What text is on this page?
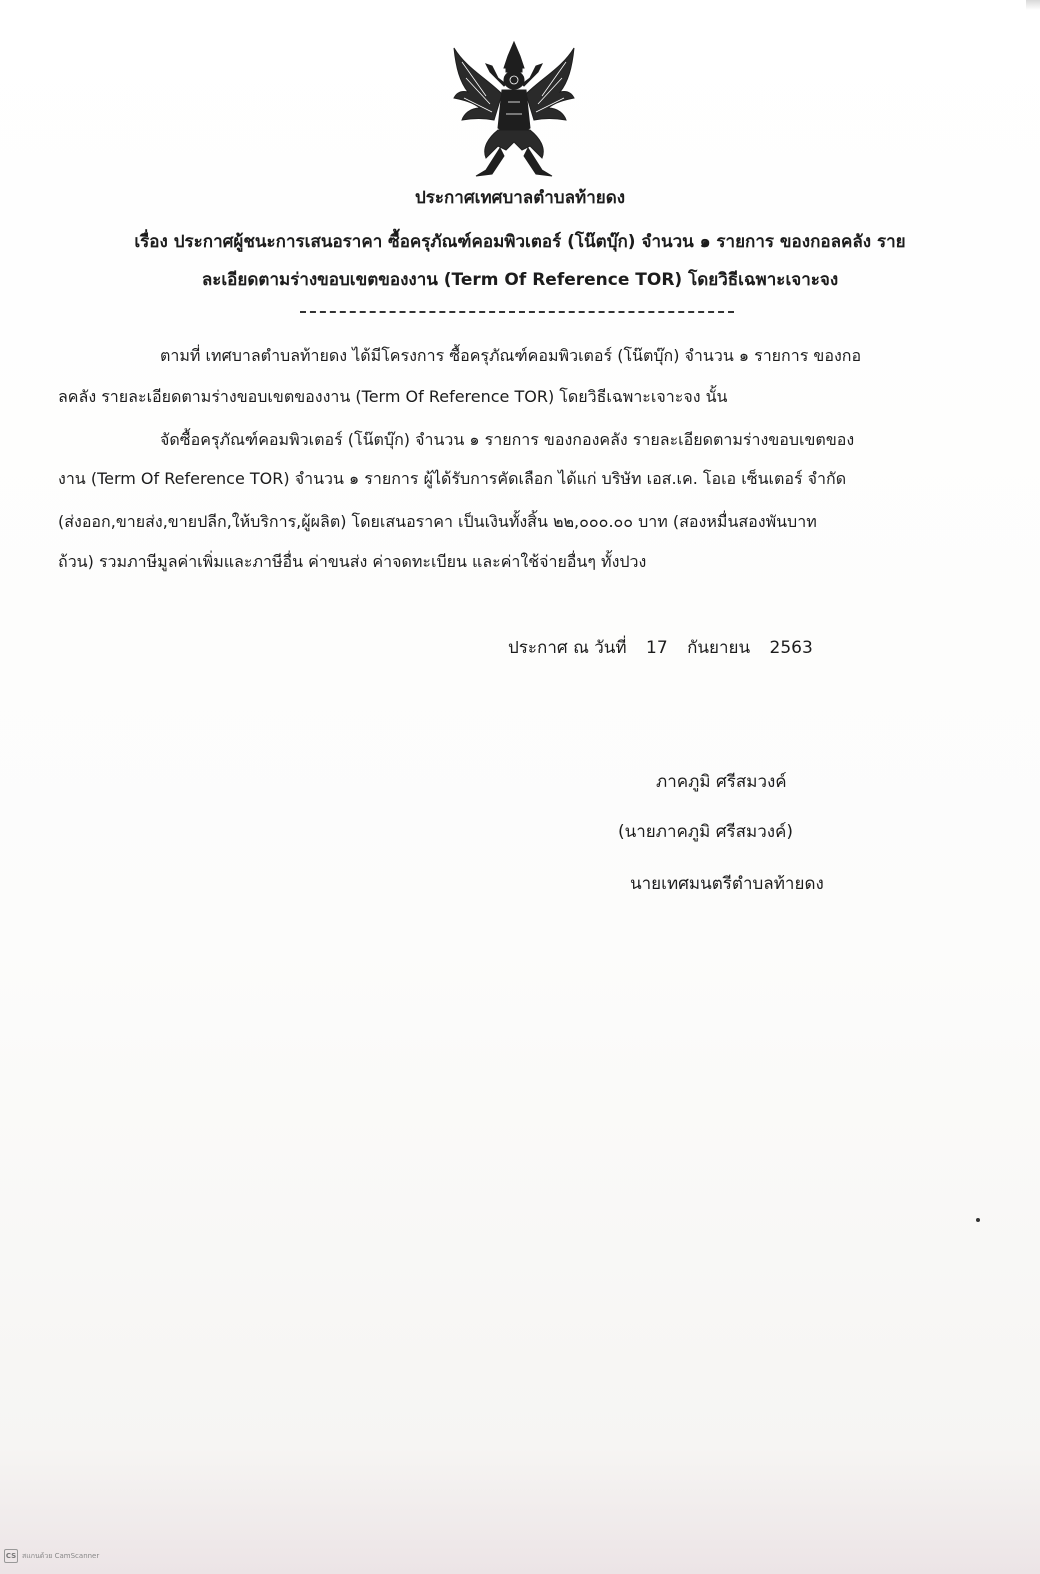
ประกาศเทศบาลตำบลท้ายดง
เรื่อง ประกาศผู้ชนะการเสนอราคา ซื้อครุภัณฑ์คอมพิวเตอร์ (โน๊ตบุ๊ก) จำนวน ๑ รายการ ของกอลคลัง ราย
ละเอียดตามร่างขอบเขตของงาน (Term Of Reference TOR) โดยวิธีเฉพาะเจาะจง
ตามที่ เทศบาลตำบลท้ายดง ได้มีโครงการ ซื้อครุภัณฑ์คอมพิวเตอร์ (โน๊ตบุ๊ก) จำนวน ๑ รายการ ของกอ
ลคลัง รายละเอียดตามร่างขอบเขตของงาน (Term Of Reference TOR) โดยวิธีเฉพาะเจาะจง นั้น
จัดซื้อครุภัณฑ์คอมพิวเตอร์ (โน๊ตบุ๊ก) จำนวน ๑ รายการ ของกองคลัง รายละเอียดตามร่างขอบเขตของ
งาน (Term Of Reference TOR) จำนวน ๑ รายการ ผู้ได้รับการคัดเลือก ได้แก่ บริษัท เอส.เค. โอเอ เซ็นเตอร์ จำกัด
(ส่งออก,ขายส่ง,ขายปลีก,ให้บริการ,ผู้ผลิต) โดยเสนอราคา เป็นเงินทั้งสิ้น ๒๒,๐๐๐.๐๐ บาท (สองหมื่นสองพันบาท
ถ้วน) รวมภาษีมูลค่าเพิ่มและภาษีอื่น ค่าขนส่ง ค่าจดทะเบียน และค่าใช้จ่ายอื่นๆ ทั้งปวง
ประกาศ ณ วันที่ 17 กันยายน 2563
ภาคภูมิ ศรีสมวงค์
(นายภาคภูมิ ศรีสมวงค์)
นายเทศมนตรีตำบลท้ายดง
CS สแกนด้วย CamScanner
